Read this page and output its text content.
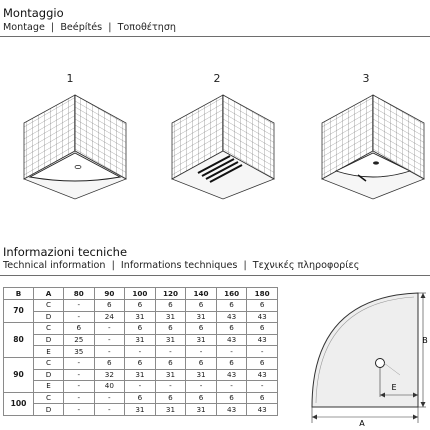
Montaggio
Montage  |  Beépítés  |  Τοποθέτηση
1	2	3
Informazioni tecniche
Technical information  |  Informations techniques  |  Τεχνικές πληροφορίες
B	A	80	90	100	120	140	160	180
70	C	-	6	6	6	6	6	6
	D	-	24	31	31	31	43	43
80	C	6	-	6	6	6	6	6
	D	25	-	31	31	31	43	43
	E	35	-	-	-	-	-	-
90	C	-	6	6	6	6	6	6
	D	-	32	31	31	31	43	43
	E	-	40	-	-	-	-	-
100	C	-	-	6	6	6	6	6
	D	-	-	31	31	31	43	43
A
B
E
